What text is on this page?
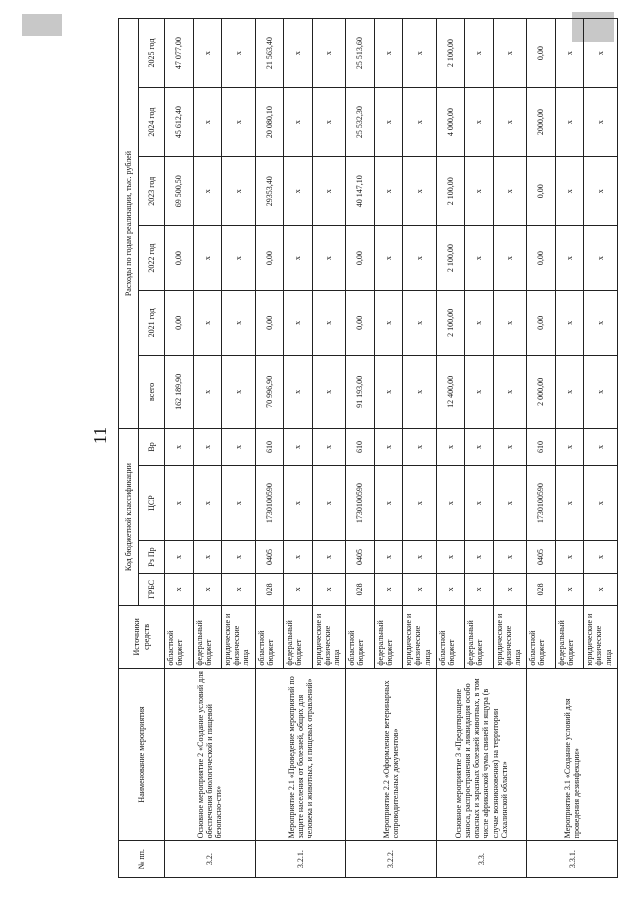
11
№ пп.	Наименование мероприятия	Источники средств	Код бюджетной классификации				Расходы по годам реализации, тыс. рублей					
			ГРБС	Рз Пр	ЦСР	Вр	всего	2021 год	2022 год	2023 год	2024 год	2025 год

3.2.	Основное мероприятие 2 «Создание условий для обеспечения биологической и пищевой безопасно-сти»	областной бюджет	х	х	х	х	162 189,90	0,00	0,00	69 500,50	45 612,40	47 077,00
		федеральный бюджет	х	х	х	х	х	х	х	х	х	х
		юридические и физические лица	х	х	х	х	х	х	х	х	х	х
3.2.1.	Мероприятие 2.1 «Проведение мероприятий по защите населения от болезней, общих для человека и животных, и пищевых отравлений»	областной бюджет	028	0405	1730100590	610	70 996,90	0,00	0,00	29353,40	20 080,10	21 563,40
		федеральный бюджет	х	х	х	х	х	х	х	х	х	х
		юридические и физические лица	х	х	х	х	х	х	х	х	х	х
3.2.2.	Мероприятие 2.2 «Оформление ветеринарных сопроводительных документов»	областной бюджет	028	0405	1730100590	610	91 193,00	0,00	0,00	40 147,10	25 532,30	25 513,60
		федеральный бюджет	х	х	х	х	х	х	х	х	х	х
		юридические и физические лица	х	х	х	х	х	х	х	х	х	х
3.3.	Основное мероприятие 3 «Предотвращение заноса, распространения и ликвидация особо опасных и заразных болезней животных, в том числе африканской чумы свиней и ящура (в случае возникновения) на территории Сахалинской области»	областной бюджет	х	х	х	х	12 400,00	2 100,00	2 100,00	2 100,00	4 000,00	2 100,00
		федеральный бюджет	х	х	х	х	х	х	х	х	х	х
		юридические и физические лица	х	х	х	х	х	х	х	х	х	х
3.3.1.	Мероприятие 3.1 «Создание условий для проведения дезинфекции»	областной бюджет	028	0405	1730100590	610	2 000,00	0,00	0,00	0,00	2000,00	0,00
		федеральный бюджет	х	х	х	х	х	х	х	х	х	х
		юридические и физические лица	х	х	х	х	х	х	х	х	х	х
